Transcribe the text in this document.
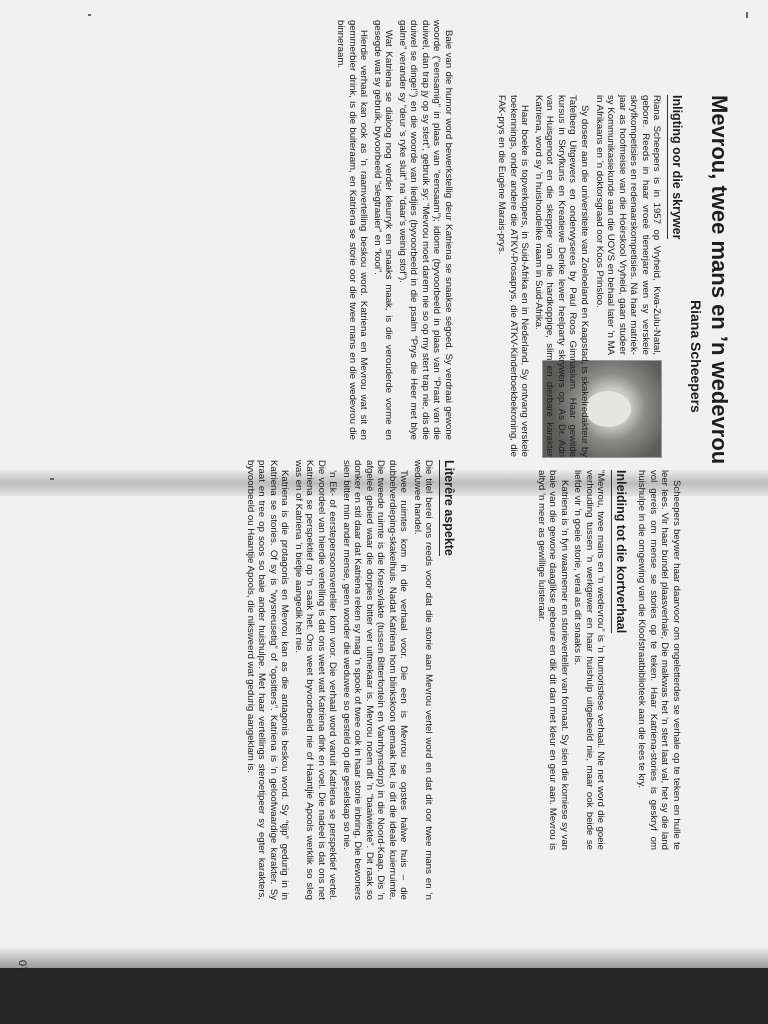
Mevrou, twee mans en ’n wedevrou
Riana Scheepers
Inligting oor die skrywer

Riana Scheepers is in 1957 op Vryheid, Kwa-Zulu-Natal, gebore. Reeds in haar vroeë tienerjare wen sy verskeie skryfkompetisies en redenaarskompetisies. Ná haar matriek-jaar as hoofmeisie van die Hoërskool Vryheid, gaan studeer sy Kommunikasiekunde aan die UOVS en behaal later ’n MA in Afrikaans en ’n doktorsgraad oor Koos Prinsloo.

Sy doseer aan die universiteite van Zoeloeland en Kaapstad, is skakelredakteur by Tafelberg Uitgewers en onderwyseres by Paul Roos Gimnasium. Haar gewilde kursus in Skryfkuns en Kreatiewe Denke lewer heelparty skrywers op. As Dr. Adri van Huisgenoot en die skepper van die hardkoppige, slim en dierbare karakter Katriena, word sy ’n huishoudelike naam in Suid-Afrika.

Haar boeke is topverkopers, in Suid-Afrika en in Nederland. Sy ontvang verskeie toekennings, onder andere die ATKV-Prosaprys, die ATKV-Kinderboekbekroning, die FAK-prys en die Eugène Marais-prys.

Scheepers beywer haar daarvoor om ongeletterdes se verhale op te teken en hulle te leer lees. Vir haar bundel plaasverhale, Die malkwas het ’n stert laat val, het sy die land vol gereis om mense se stories op te teken. Haar Katriena-stories is geskryf om huishulpe in die omgewing van die Kloofstraatbiblioteek aan die lees te kry.

Inleiding tot die kortverhaal

“Mevrou, twee mans en ’n wedevrou” is ’n humoristiese verhaal. Nie net word die goeie verhouding tussen ’n werkgewer en haar huishulp uitgebeeld nie, maar ook beide se liefde vir ’n goeie storie, veral as dit snaaks is.

Katriena is ’n fyn waarnemer en storieverteller van formaat. Sy sien die komiese sy van baie van die gewone daaglikse gebeure en dik dit dan met kleur en geur aan. Mevrou is altyd ’n meer as gewillige luisteraar.

Baie van die humor word bewerkstellig deur Katriena se snaakse ségoed. Sy verdraai gewone woorde (“eensamig” in plaas van “eensaam”); idiome (byvoorbeeld in plaas van “Praat van die duiwel, dan trap jy op sy stert”, gebruik sy: “Mevrou moet darem nie so op my stert trap nie, dis die duiwel se dinge!”) en die woorde van liedjies (byvoorbeeld in die psalm “Prys die Heer met blye galme” verander sy “deur ’s ryke sluit” na “daar’s weinig stof”).

Wat Katriena se dialoog nog verder kleurryk en snaaks maak, is die verouderde vorme en gesegde wat sy gebruik, byvoorbeeld “slegtraaier” en “kooi”.

Hierdie verhaal kan ook as ’n raamvertelling beskou word. Katriena en Mevrou wat sit en gemmerbier drink, is die buiteraam, en Katriena se storie oor die twee mans en die wedevrou die binneraam.

Literêre aspekte

Die titel berei ons reeds voor dat die storie aan Mevrou vertel word en dat dit oor twee mans en ’n weduwee handel.

Twee ruimtes kom in die verhaal voor. Die een is Mevrou se opstes halwe huis – die dubbelverdieping-skakelhuis. Nadat Katriena hom blinkskoon gemaak het, is dit die ideale kuierruimte. Die tweede ruimte is die Knersvlakte (tussen Bitterfontein en Vanrhynsdorp) in die Noord-Kaap. Dis ’n afgeleë gebied waar die dorpies bitter ver uitmekaar is. Mevrou noem dit ’n “baaiwiekte”. Dit raak so donker en stil daar dat Katriena reken sy mag ’n spook of twee ook in haar storie inbring. Die bewoners sien bitter min ander mense, geen wonder die weduwee so gesteld op die geselskap so nie.

’n Ek- of eerstepersoonsverteller kom voor. Die verhaal word vanuit Katriena se perspektief vertel. Die voordeel van hierdie vertelling is dat ons weet wat Katriena dink en voel. Die nadeel is dat ons net Katriena se perspektief op ’n saak het. Ons weet byvoorbeeld nie of Haantjie Apools werklik so sleg was en of Katriena ’n bietjie aangedik het nie.

Katriena is die protagonis en Mevrou kan as die antagonis beskou word. Sy “tjip” gedurig in in Katriena se stories. Of sy is “wysneusetig” of “opsitters”. Katriena is ’n geloofwaardige karakter. Sy praat en tree op soos so baie ander huishulpe. Met haar vertellings steroetipeer sy egter karakters, byvoorbeeld ou Haantjie Apools, die niksweerd wat gedurig aangeklam is.

07
